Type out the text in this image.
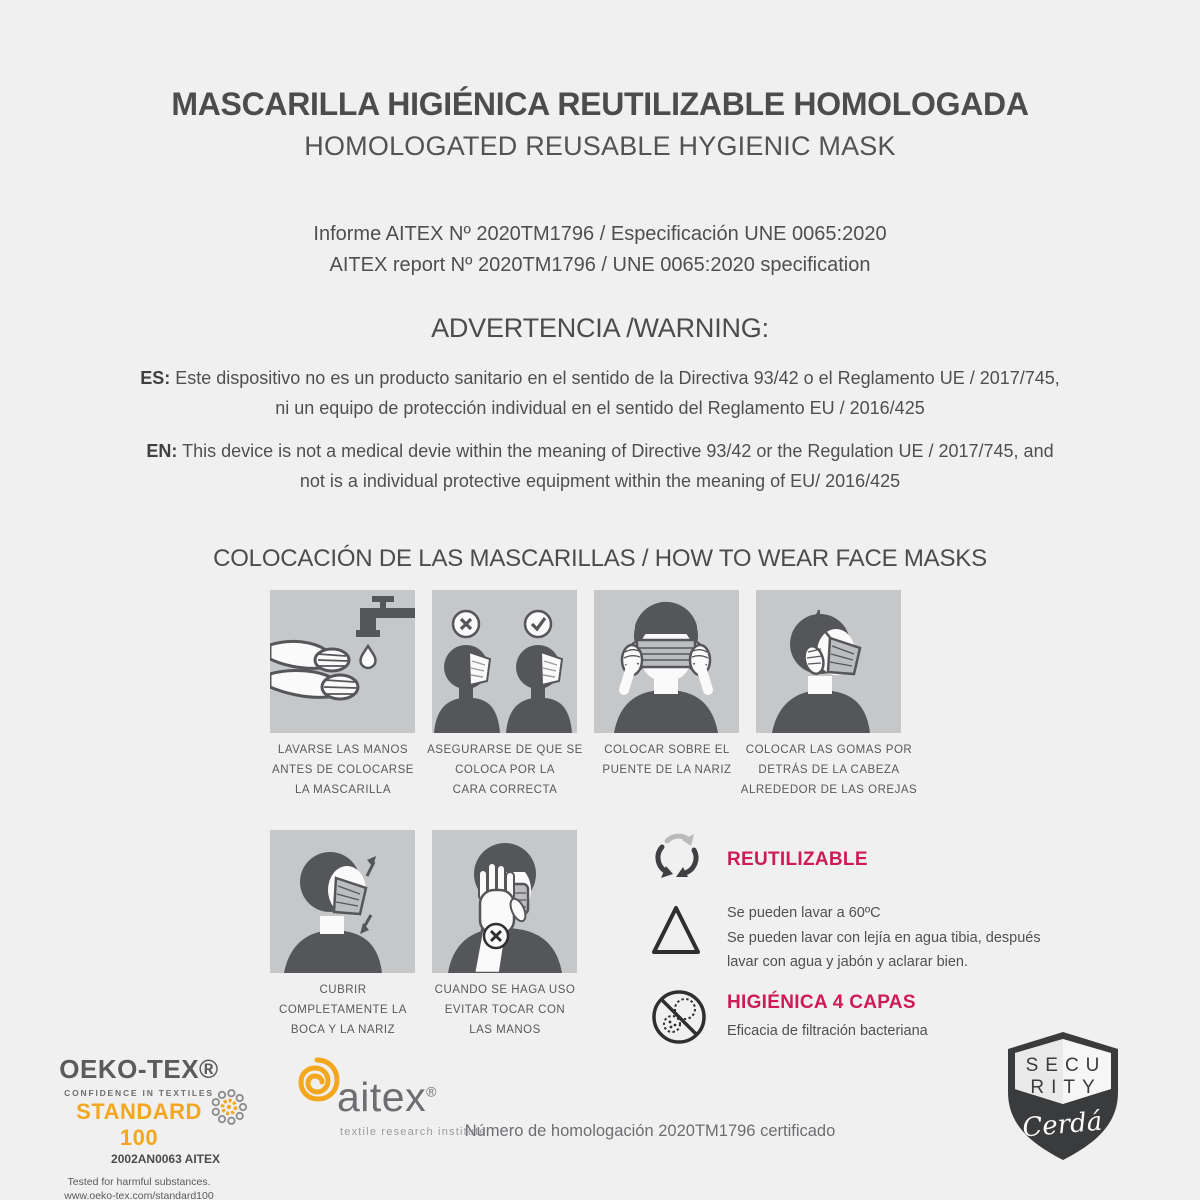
MASCARILLA HIGIÉNICA REUTILIZABLE HOMOLOGADA
HOMOLOGATED REUSABLE HYGIENIC MASK
Informe AITEX Nº 2020TM1796 / Especificación UNE 0065:2020
AITEX report Nº 2020TM1796 / UNE 0065:2020 specification
ADVERTENCIA /WARNING:
ES: Este dispositivo no es un producto sanitario en el sentido de la Directiva 93/42 o el Reglamento UE / 2017/745,
ni un equipo de protección individual en el sentido del Reglamento EU / 2016/425
EN: This device is not a medical devie within the meaning of Directive 93/42 or the Regulation UE / 2017/745, and
not is a individual protective equipment within the meaning of EU/ 2016/425
COLOCACIÓN DE LAS MASCARILLAS / HOW TO WEAR FACE MASKS
LAVARSE LAS MANOS
ANTES DE COLOCARSE
LA MASCARILLA
ASEGURARSE DE QUE SE
COLOCA POR LA
CARA CORRECTA
COLOCAR SOBRE EL
PUENTE DE LA NARIZ
COLOCAR LAS GOMAS POR
DETRÁS DE LA CABEZA
ALREDEDOR DE LAS OREJAS
CUBRIR
COMPLETAMENTE LA
BOCA Y LA NARIZ
CUANDO SE HAGA USO
EVITAR TOCAR CON
LAS MANOS
REUTILIZABLE
Se pueden lavar a 60ºC
Se pueden lavar con lejía en agua tibia, después
lavar con agua y jabón y aclarar bien.
HIGIÉNICA 4 CAPAS
Eficacia de filtración bacteriana
OEKO-TEX®
CONFIDENCE IN TEXTILES
STANDARD 100
2002AN0063 AITEX
Tested for harmful substances.
www.oeko-tex.com/standard100
aitex®
textile research institute
Número de homologación 2020TM1796 certificado
SECU
RITY
Cerdá
